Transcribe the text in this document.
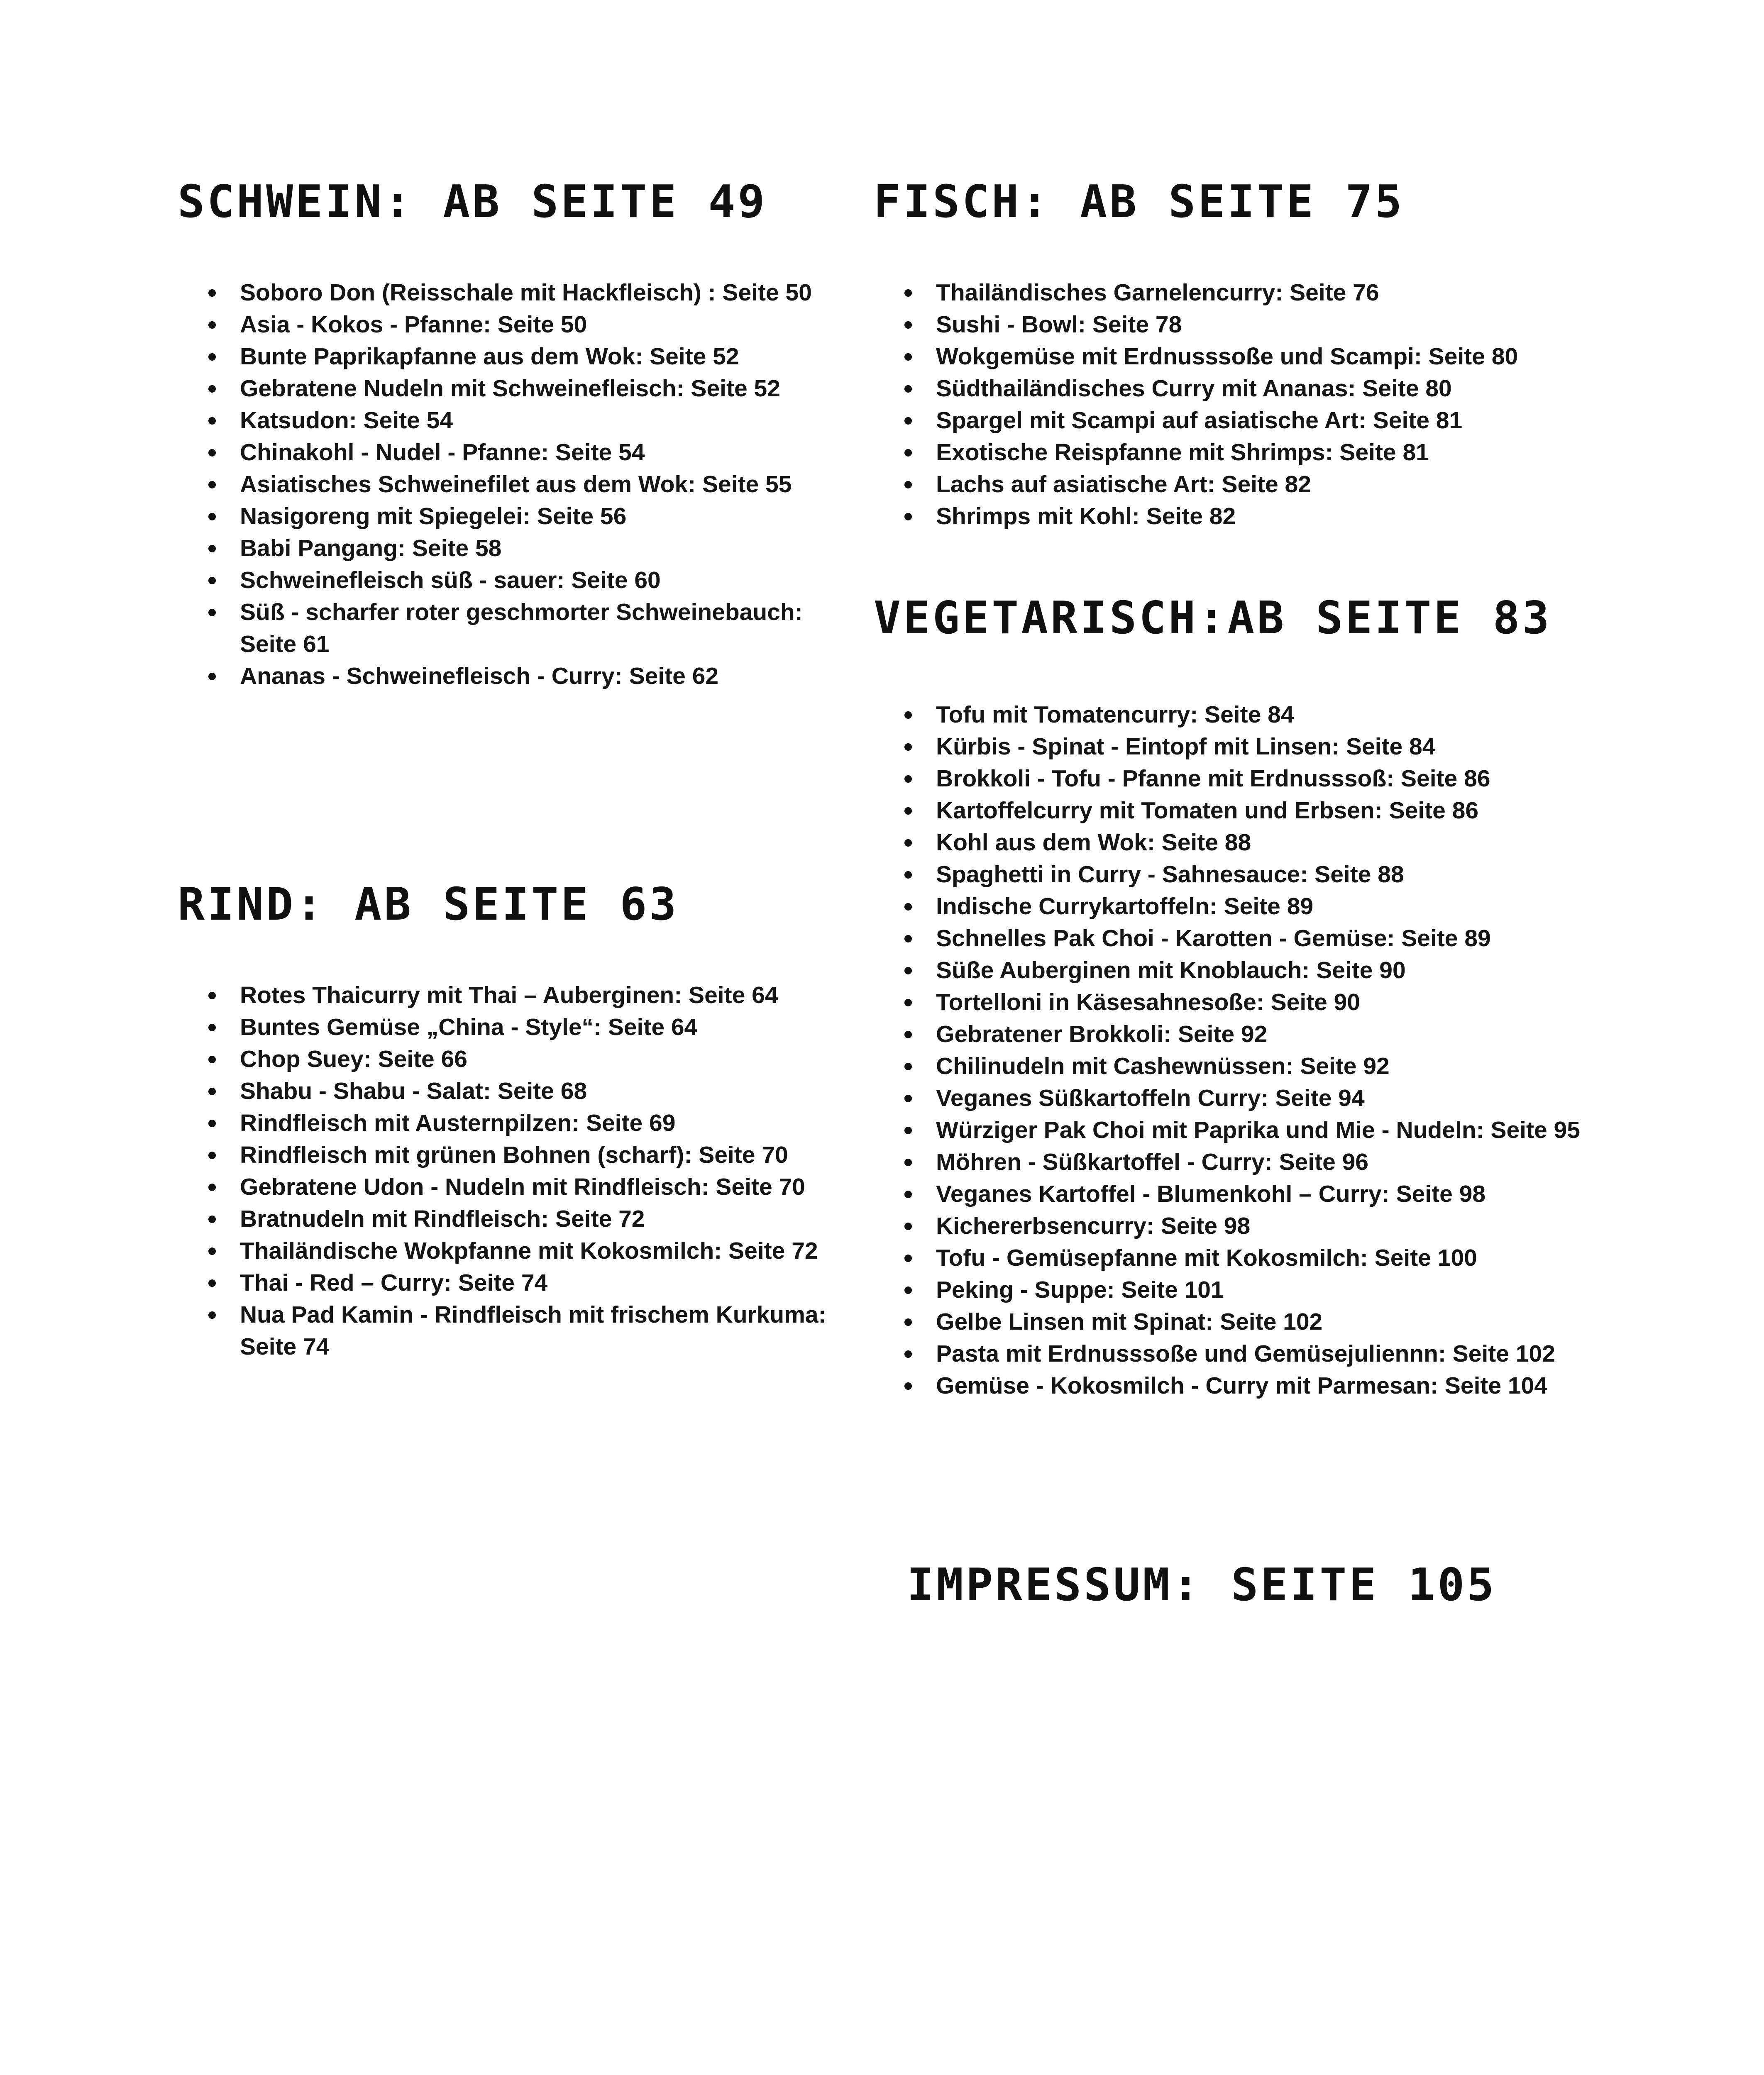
SCHWEIN: AB SEITE 49
Soboro Don (Reisschale mit Hackfleisch) : Seite 50
Asia - Kokos - Pfanne: Seite 50
Bunte Paprikapfanne aus dem Wok: Seite 52
Gebratene Nudeln mit Schweinefleisch: Seite 52
Katsudon: Seite 54
Chinakohl - Nudel - Pfanne: Seite 54
Asiatisches Schweinefilet aus dem Wok: Seite 55
Nasigoreng mit Spiegelei: Seite 56
Babi Pangang: Seite 58
Schweinefleisch süß - sauer: Seite 60
Süß - scharfer roter geschmorter Schweinebauch: Seite 61
Ananas - Schweinefleisch - Curry: Seite 62
RIND: AB SEITE 63
Rotes Thaicurry mit Thai – Auberginen: Seite 64
Buntes Gemüse „China - Style“: Seite 64
Chop Suey: Seite 66
Shabu - Shabu - Salat: Seite 68
Rindfleisch mit Austernpilzen: Seite 69
Rindfleisch mit grünen Bohnen (scharf): Seite 70
Gebratene Udon - Nudeln mit Rindfleisch: Seite 70
Bratnudeln mit Rindfleisch: Seite 72
Thailändische Wokpfanne mit Kokosmilch: Seite 72
Thai - Red – Curry: Seite 74
Nua Pad Kamin - Rindfleisch mit frischem Kurkuma: Seite 74
FISCH: AB SEITE 75
Thailändisches Garnelencurry: Seite 76
Sushi - Bowl: Seite 78
Wokgemüse mit Erdnusssoße und Scampi: Seite 80
Südthailändisches Curry mit Ananas: Seite 80
Spargel mit Scampi auf asiatische Art: Seite 81
Exotische Reispfanne mit Shrimps: Seite 81
Lachs auf asiatische Art: Seite 82
Shrimps mit Kohl: Seite 82
VEGETARISCH:AB SEITE 83
Tofu mit Tomatencurry: Seite 84
Kürbis - Spinat - Eintopf mit Linsen: Seite 84
Brokkoli - Tofu - Pfanne mit Erdnusssoß: Seite 86
Kartoffelcurry mit Tomaten und Erbsen: Seite 86
Kohl aus dem Wok: Seite 88
Spaghetti in Curry - Sahnesauce: Seite 88
Indische Currykartoffeln: Seite 89
Schnelles Pak Choi - Karotten - Gemüse: Seite 89
Süße Auberginen mit Knoblauch: Seite 90
Tortelloni in Käsesahnesoße: Seite 90
Gebratener Brokkoli: Seite 92
Chilinudeln mit Cashewnüssen: Seite 92
Veganes Süßkartoffeln Curry: Seite 94
Würziger Pak Choi mit Paprika und Mie - Nudeln: Seite 95
Möhren - Süßkartoffel - Curry: Seite 96
Veganes Kartoffel - Blumenkohl – Curry: Seite 98
Kichererbsencurry: Seite 98
Tofu - Gemüsepfanne mit Kokosmilch: Seite 100
Peking - Suppe: Seite 101
Gelbe Linsen mit Spinat: Seite 102
Pasta mit Erdnusssoße und Gemüsejuliennn: Seite 102
Gemüse - Kokosmilch - Curry mit Parmesan: Seite 104
IMPRESSUM: SEITE 105
